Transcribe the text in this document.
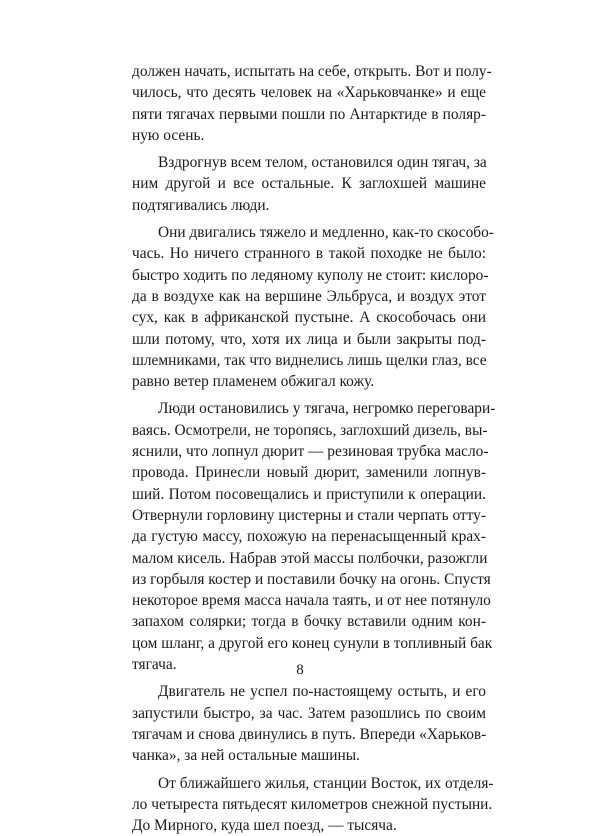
должен начать, испытать на себе, открыть. Вот и полу-
чилось, что десять человек на «Харьковчанке» и еще
пяти тягачах первыми пошли по Антарктиде в поляр-
ную осень.
Вздрогнув всем телом, остановился один тягач, за
ним другой и все остальные. К заглохшей машине
подтягивались люди.
Они двигались тяжело и медленно, как-то скособо-
чась. Но ничего странного в такой походке не было:
быстро ходить по ледяному куполу не стоит: кислоро-
да в воздухе как на вершине Эльбруса, и воздух этот
сух, как в африканской пустыне. А скособочась они
шли потому, что, хотя их лица и были закрыты под-
шлемниками, так что виднелись лишь щелки глаз, все
равно ветер пламенем обжигал кожу.
Люди остановились у тягача, негромко переговари-
ваясь. Осмотрели, не торопясь, заглохший дизель, вы-
яснили, что лопнул дюрит — резиновая трубка масло-
провода. Принесли новый дюрит, заменили лопнув-
ший. Потом посовещались и приступили к операции.
Отвернули горловину цистерны и стали черпать отту-
да густую массу, похожую на перенасыщенный крах-
малом кисель. Набрав этой массы полбочки, разожгли
из горбыля костер и поставили бочку на огонь. Спустя
некоторое время масса начала таять, и от нее потянуло
запахом солярки; тогда в бочку вставили одним кон-
цом шланг, а другой его конец сунули в топливный бак
тягача.
Двигатель не успел по-настоящему остыть, и его
запустили быстро, за час. Затем разошлись по своим
тягачам и снова двинулись в путь. Впереди «Харьков-
чанка», за ней остальные машины.
От ближайшего жилья, станции Восток, их отделя-
ло четыреста пятьдесят километров снежной пустыни.
До Мирного, куда шел поезд, — тысяча.
8
